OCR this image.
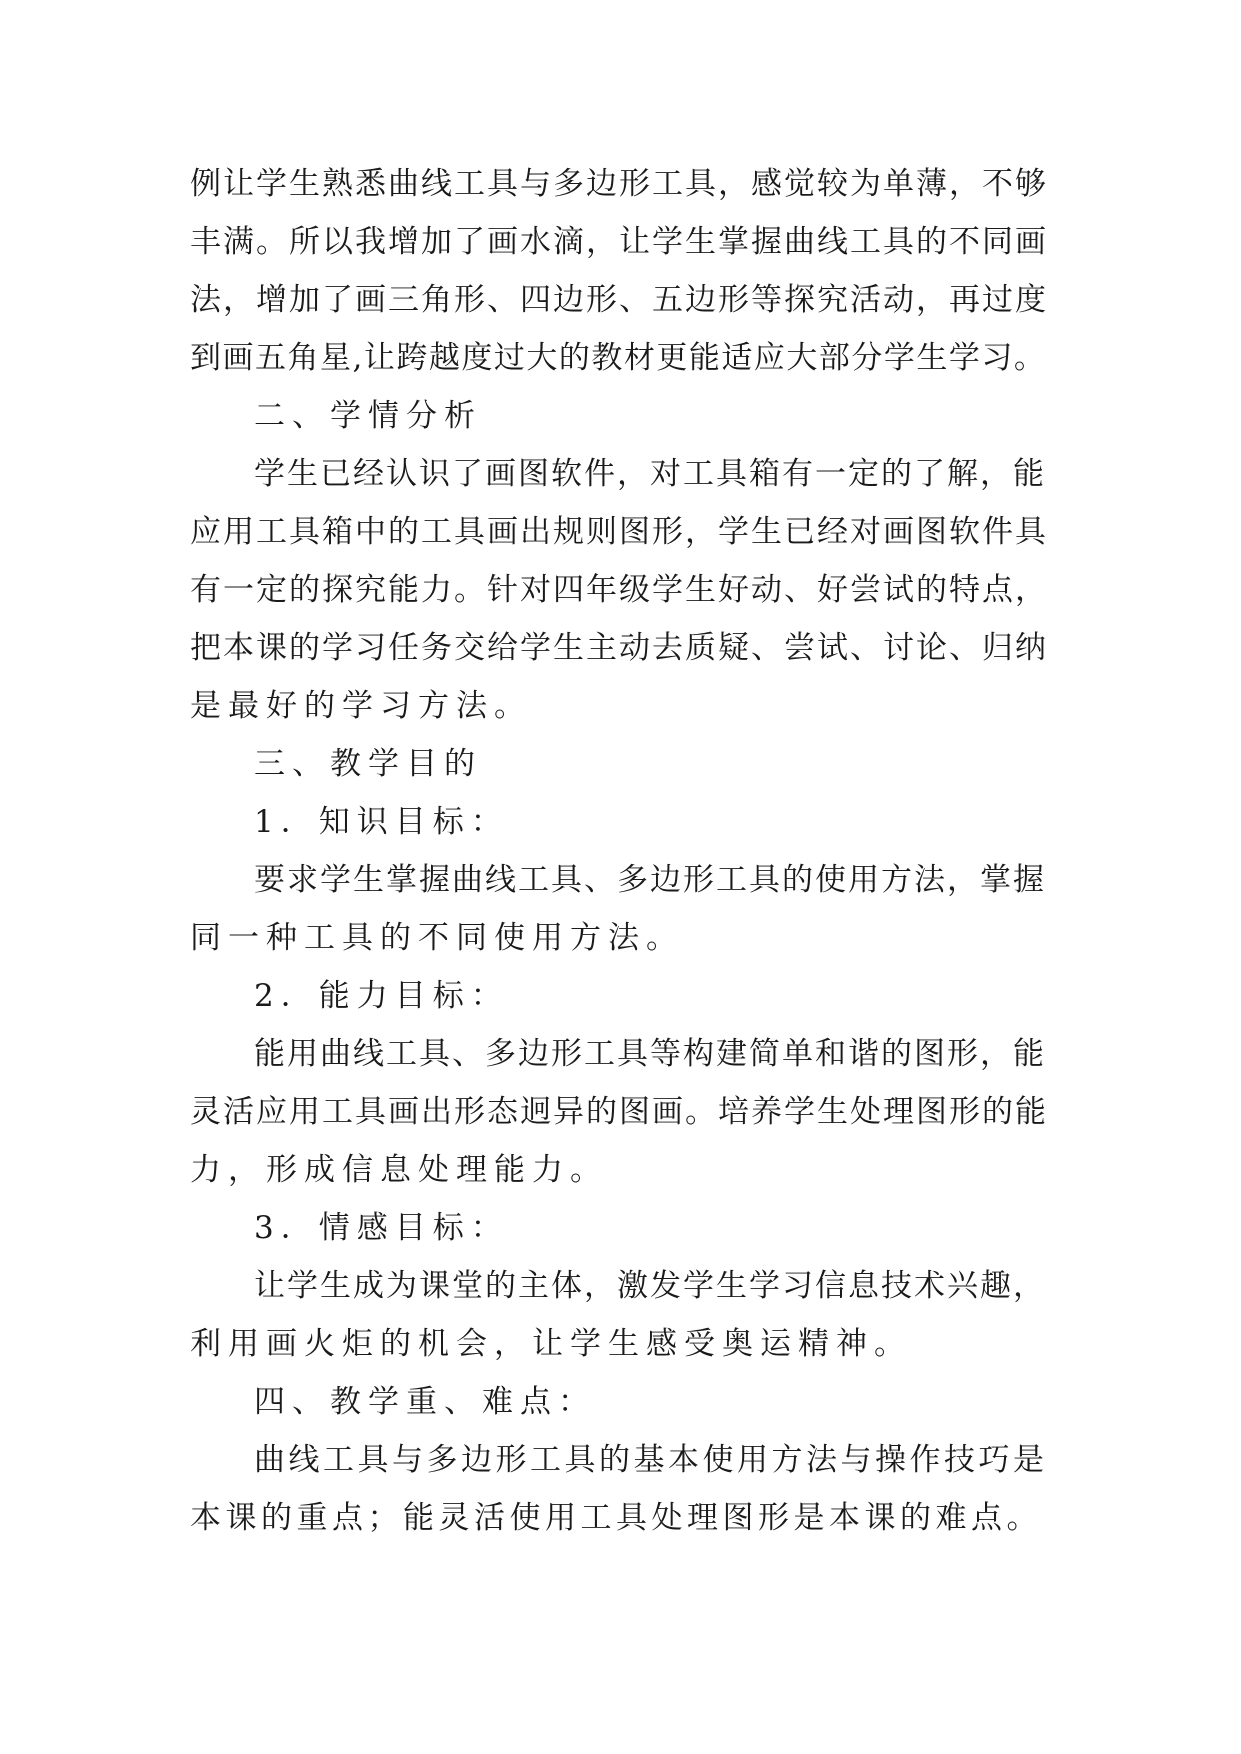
例让学生熟悉曲线工具与多边形工具，感觉较为单薄，不够
丰满。所以我增加了画水滴，让学生掌握曲线工具的不同画
法，增加了画三角形、四边形、五边形等探究活动，再过度
到画五角星,让跨越度过大的教材更能适应大部分学生学习。
二、学情分析
学生已经认识了画图软件，对工具箱有一定的了解，能
应用工具箱中的工具画出规则图形，学生已经对画图软件具
有一定的探究能力。针对四年级学生好动、好尝试的特点，
把本课的学习任务交给学生主动去质疑、尝试、讨论、归纳
是最好的学习方法。
三、教学目的
1．知识目标：
要求学生掌握曲线工具、多边形工具的使用方法，掌握
同一种工具的不同使用方法。
2．能力目标：
能用曲线工具、多边形工具等构建简单和谐的图形，能
灵活应用工具画出形态迥异的图画。培养学生处理图形的能
力，形成信息处理能力。
3．情感目标：
让学生成为课堂的主体，激发学生学习信息技术兴趣，
利用画火炬的机会，让学生感受奥运精神。
四、教学重、难点：
曲线工具与多边形工具的基本使用方法与操作技巧是
本课的重点；能灵活使用工具处理图形是本课的难点。
